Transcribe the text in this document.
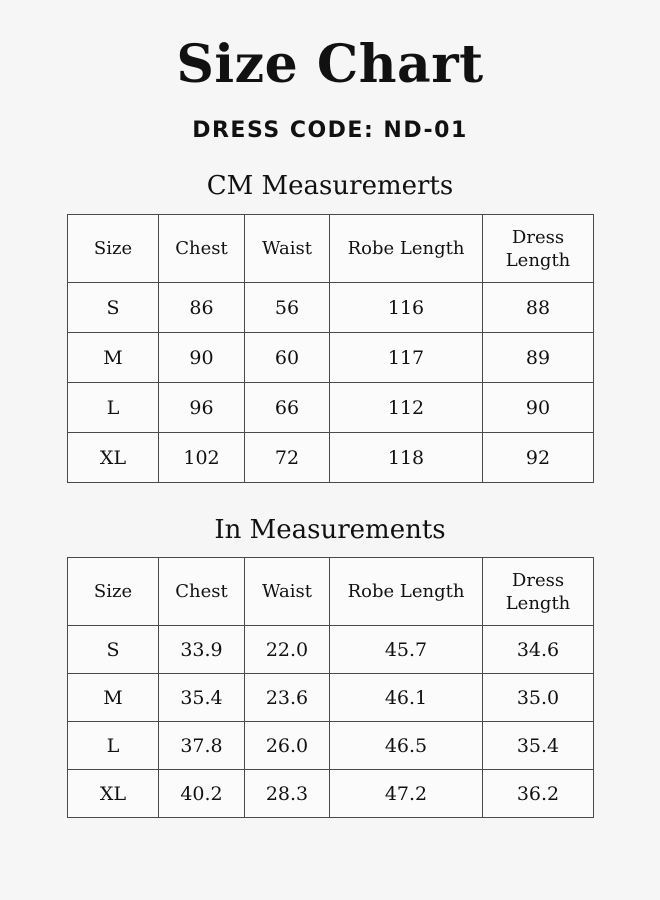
Size Chart
DRESS CODE: ND-01
CM Measuremerts
Size	Chest	Waist	Robe Length	Dress Length
S	86	56	116	88
M	90	60	117	89
L	96	66	112	90
XL	102	72	118	92
In Measurements
Size	Chest	Waist	Robe Length	Dress Length
S	33.9	22.0	45.7	34.6
M	35.4	23.6	46.1	35.0
L	37.8	26.0	46.5	35.4
XL	40.2	28.3	47.2	36.2
